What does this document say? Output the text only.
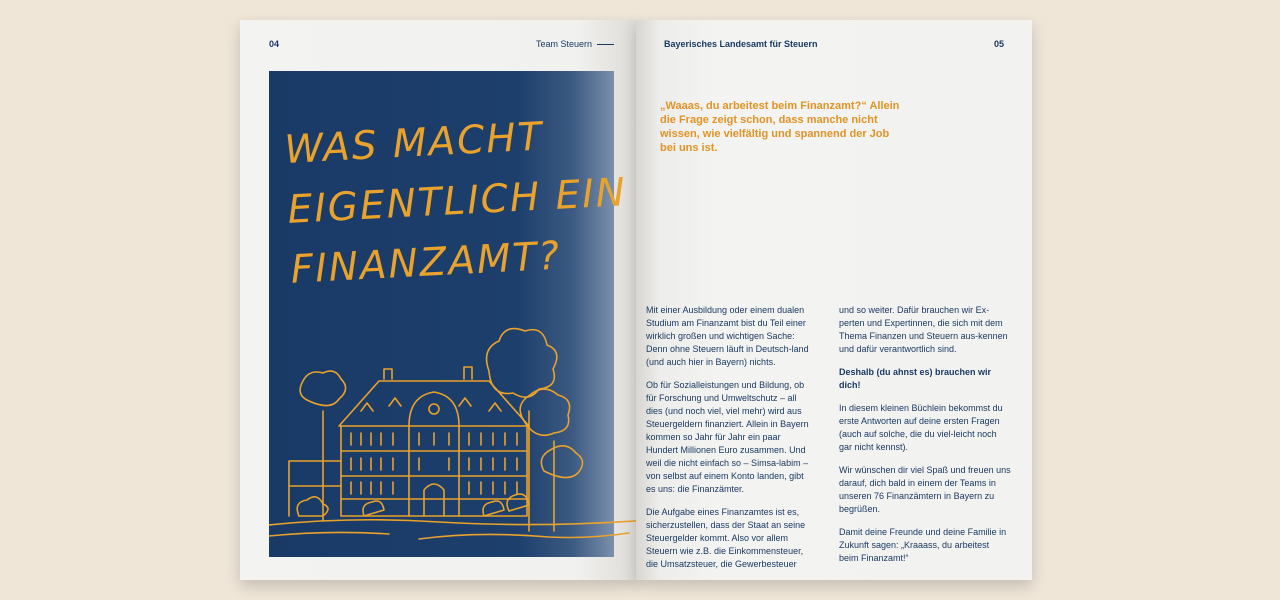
04	Team Steuern
WAS MACHT
EIGENTLICH EIN
FINANZAMT?
Bayerisches Landesamt für Steuern	05
„Waaas, du arbeitest beim Finanzamt?“ Allein die Frage zeigt schon, dass manche nicht wissen, wie vielfältig und spannend der Job bei uns ist.

Mit einer Ausbildung oder einem dualen Studium am Finanzamt bist du Teil einer wirklich großen und wichtigen Sache: Denn ohne Steuern läuft in Deutsch-land (und auch hier in Bayern) nichts.

Ob für Sozialleistungen und Bildung, ob für Forschung und Umweltschutz – all dies (und noch viel, viel mehr) wird aus Steuergeldern finanziert. Allein in Bayern kommen so Jahr für Jahr ein paar Hundert Millionen Euro zusammen. Und weil die nicht einfach so – Simsa-labim – von selbst auf einem Konto landen, gibt es uns: die Finanzämter.

Die Aufgabe eines Finanzamtes ist es, sicherzustellen, dass der Staat an seine Steuergelder kommt. Also vor allem Steuern wie z.B. die Einkommensteuer, die Umsatzsteuer, die Gewerbesteuer

und so weiter. Dafür brauchen wir Ex-perten und Expertinnen, die sich mit dem Thema Finanzen und Steuern aus-kennen und dafür verantwortlich sind.

Deshalb (du ahnst es) brauchen wir dich!

In diesem kleinen Büchlein bekommst du erste Antworten auf deine ersten Fragen (auch auf solche, die du viel-leicht noch gar nicht kennst).

Wir wünschen dir viel Spaß und freuen uns darauf, dich bald in einem der Teams in unseren 76 Finanzämtern in Bayern zu begrüßen.

Damit deine Freunde und deine Familie in Zukunft sagen: „Kraaass, du arbeitest beim Finanzamt!“
